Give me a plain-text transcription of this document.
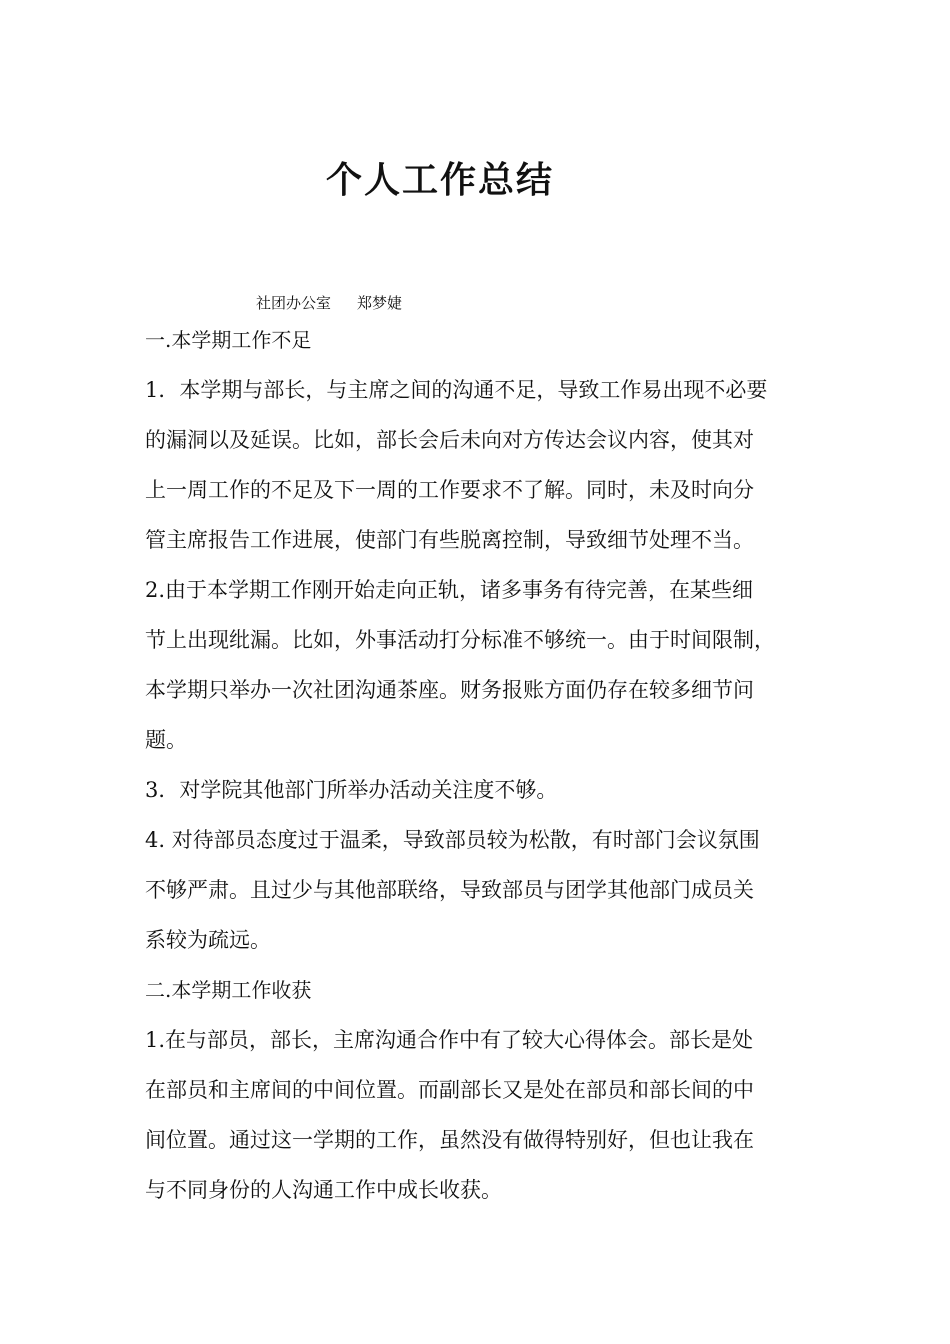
个人工作总结

社团办公室 郑梦婕

一.本学期工作不足

1．本学期与部长，与主席之间的沟通不足，导致工作易出现不必要

的漏洞以及延误。比如，部长会后未向对方传达会议内容，使其对

上一周工作的不足及下一周的工作要求不了解。同时，未及时向分

管主席报告工作进展，使部门有些脱离控制，导致细节处理不当。

2.由于本学期工作刚开始走向正轨，诸多事务有待完善，在某些细

节上出现纰漏。比如，外事活动打分标准不够统一。由于时间限制，

本学期只举办一次社团沟通茶座。财务报账方面仍存在较多细节问

题。

3．对学院其他部门所举办活动关注度不够。

4. 对待部员态度过于温柔，导致部员较为松散，有时部门会议氛围

不够严肃。且过少与其他部联络，导致部员与团学其他部门成员关

系较为疏远。

二.本学期工作收获

1.在与部员，部长，主席沟通合作中有了较大心得体会。部长是处

在部员和主席间的中间位置。而副部长又是处在部员和部长间的中

间位置。通过这一学期的工作，虽然没有做得特别好，但也让我在

与不同身份的人沟通工作中成长收获。
